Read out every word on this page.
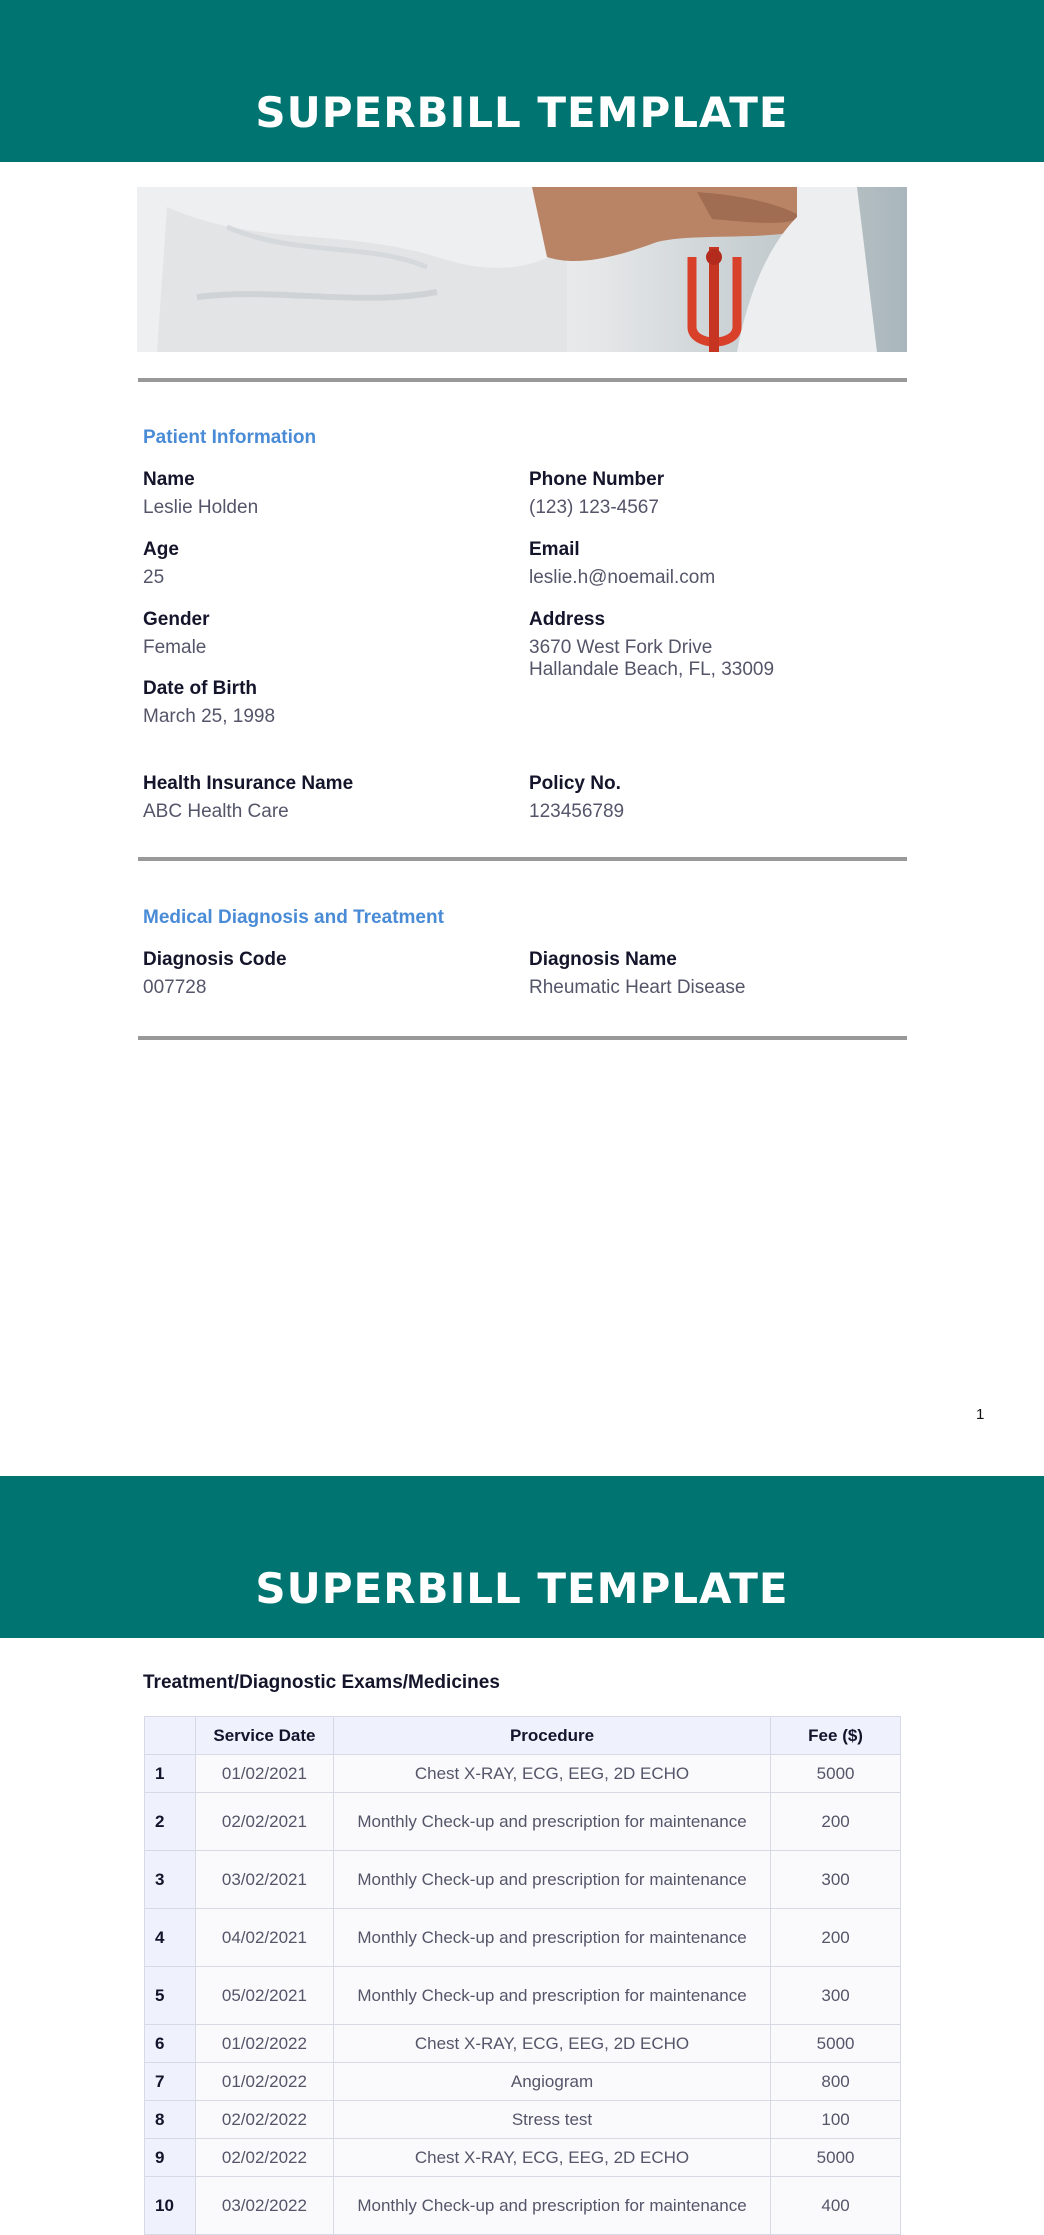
SUPERBILL TEMPLATE
Patient Information
Name
Leslie Holden
Phone Number
(123) 123-4567
Age
25
Email
leslie.h@noemail.com
Gender
Female
Address
3670 West Fork Drive
Hallandale Beach, FL, 33009
Date of Birth
March 25, 1998
Health Insurance Name
ABC Health Care
Policy No.
123456789
Medical Diagnosis and Treatment
Diagnosis Code
007728
Diagnosis Name
Rheumatic Heart Disease
1
SUPERBILL TEMPLATE
Treatment/Diagnostic Exams/Medicines
	Service Date	Procedure	Fee ($)
1	01/02/2021	Chest X-RAY, ECG, EEG, 2D ECHO	5000
2	02/02/2021	Monthly Check-up and prescription for maintenance	200
3	03/02/2021	Monthly Check-up and prescription for maintenance	300
4	04/02/2021	Monthly Check-up and prescription for maintenance	200
5	05/02/2021	Monthly Check-up and prescription for maintenance	300
6	01/02/2022	Chest X-RAY, ECG, EEG, 2D ECHO	5000
7	01/02/2022	Angiogram	800
8	02/02/2022	Stress test	100
9	02/02/2022	Chest X-RAY, ECG, EEG, 2D ECHO	5000
10	03/02/2022	Monthly Check-up and prescription for maintenance	400
